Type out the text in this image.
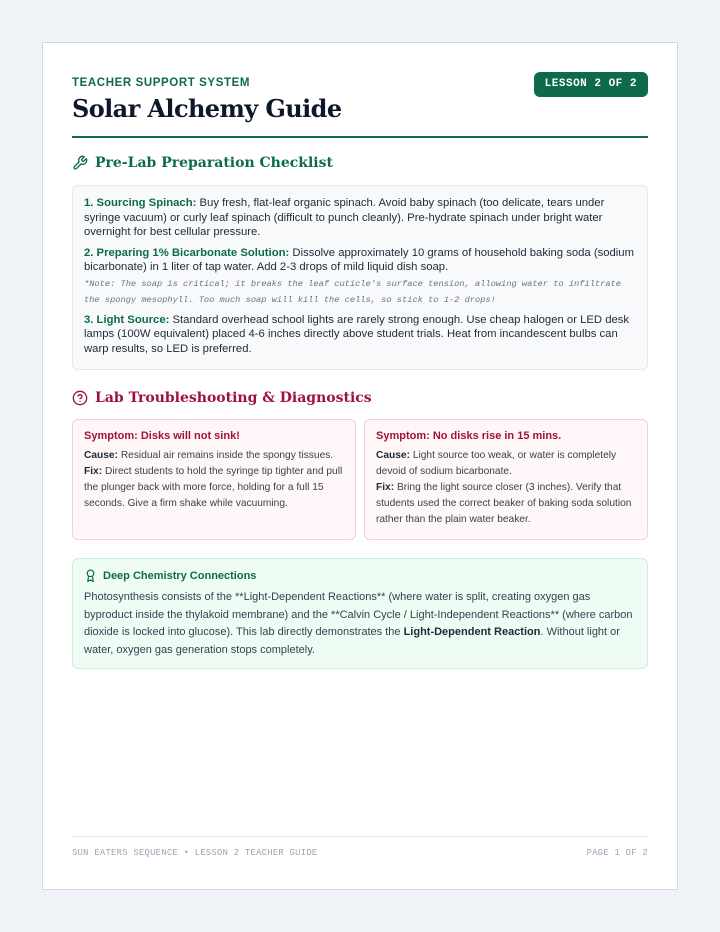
TEACHER SUPPORT SYSTEM	LESSON 2 OF 2
Solar Alchemy Guide
Pre-Lab Preparation Checklist

1. Sourcing Spinach: Buy fresh, flat-leaf organic spinach. Avoid baby spinach (too delicate, tears under syringe vacuum) or curly leaf spinach (difficult to punch cleanly). Pre-hydrate spinach under bright water overnight for best cellular pressure.

2. Preparing 1% Bicarbonate Solution: Dissolve approximately 10 grams of household baking soda (sodium bicarbonate) in 1 liter of tap water. Add 2-3 drops of mild liquid dish soap.

*Note: The soap is critical; it breaks the leaf cuticle's surface tension, allowing water to infiltrate the spongy mesophyll. Too much soap will kill the cells, so stick to 1-2 drops!

3. Light Source: Standard overhead school lights are rarely strong enough. Use cheap halogen or LED desk lamps (100W equivalent) placed 4-6 inches directly above student trials. Heat from incandescent bulbs can warp results, so LED is preferred.

Lab Troubleshooting & Diagnostics
Symptom: Disks will not sink!
Cause: Residual air remains inside the spongy tissues.
Fix: Direct students to hold the syringe tip tighter and pull the plunger back with more force, holding for a full 15 seconds. Give a firm shake while vacuuming.
Symptom: No disks rise in 15 mins.
Cause: Light source too weak, or water is completely devoid of sodium bicarbonate.
Fix: Bring the light source closer (3 inches). Verify that students used the correct beaker of baking soda solution rather than the plain water beaker.
Deep Chemistry Connections

Photosynthesis consists of the **Light-Dependent Reactions** (where water is split, creating oxygen gas byproduct inside the thylakoid membrane) and the **Calvin Cycle / Light-Independent Reactions** (where carbon dioxide is locked into glucose). This lab directly demonstrates the Light-Dependent Reaction. Without light or water, oxygen gas generation stops completely.

SUN EATERS SEQUENCE • LESSON 2 TEACHER GUIDE	PAGE 1 OF 2
